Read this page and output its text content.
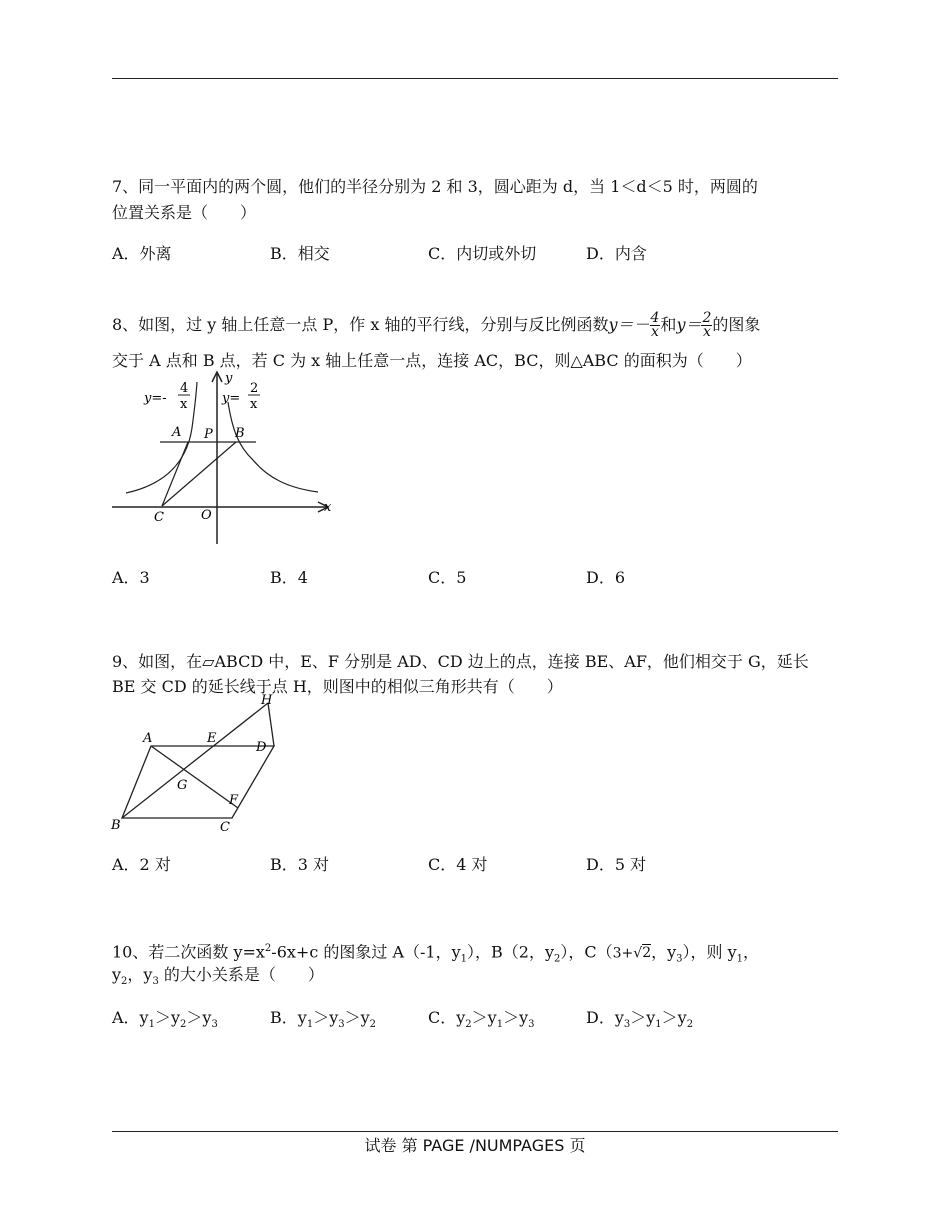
7、同一平面内的两个圆，他们的半径分别为 2 和 3，圆心距为 d，当 1＜d＜5 时，两圆的
位置关系是（　　）
A．外离	B．相交	C．内切或外切	D．内含
8、如图，过 y 轴上任意一点 P，作 x 轴的平行线，分别与反比例函数$y=- \frac{4}{x}$ 和$y= \frac{2}{x}$ 的图象
交于 A 点和 B 点，若 C 为 x 轴上任意一点，连接 AC，BC，则△ABC 的面积为（　　）
y=-
4
x	y=
2
x
y
x
A P B
C	O
A．3	B．4	C．5	D．6
9、如图，在▱ABCD 中，E、F 分别是 AD、CD 边上的点，连接 BE、AF，他们相交于 G，延长
BE 交 CD 的延长线于点 H，则图中的相似三角形共有（　　）
A	E
D
H
G
F
B	C
A．2 对	B．3 对	C．4 对	D．5 对
10、若二次函数 $y=x^2-6x+c$ 的图象过 A（-1，$y_1$），B（2，$y_2$），C（3+√2，$y_3$），则 $y_1$，
$y_2$，$y_3$ 的大小关系是（　　）
A．$y_1>y_2>y_3$	B．$y_1>y_3>y_2$	C．$y_2>y_1>y_3$	D．$y_3>y_1>y_2$
试卷 第 PAGE /NUMPAGES 页
